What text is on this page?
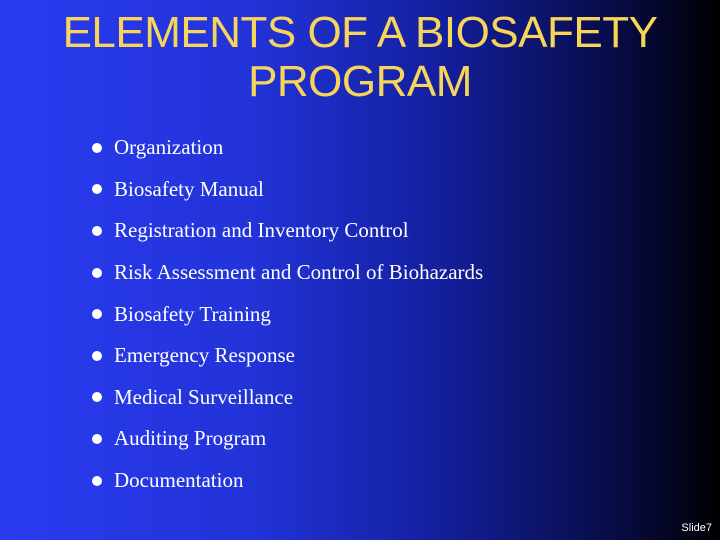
ELEMENTS OF A BIOSAFETY
PROGRAM
Organization
Biosafety Manual
Registration and Inventory Control
Risk Assessment and Control of Biohazards
Biosafety Training
Emergency Response
Medical Surveillance
Auditing Program
Documentation
Slide7
